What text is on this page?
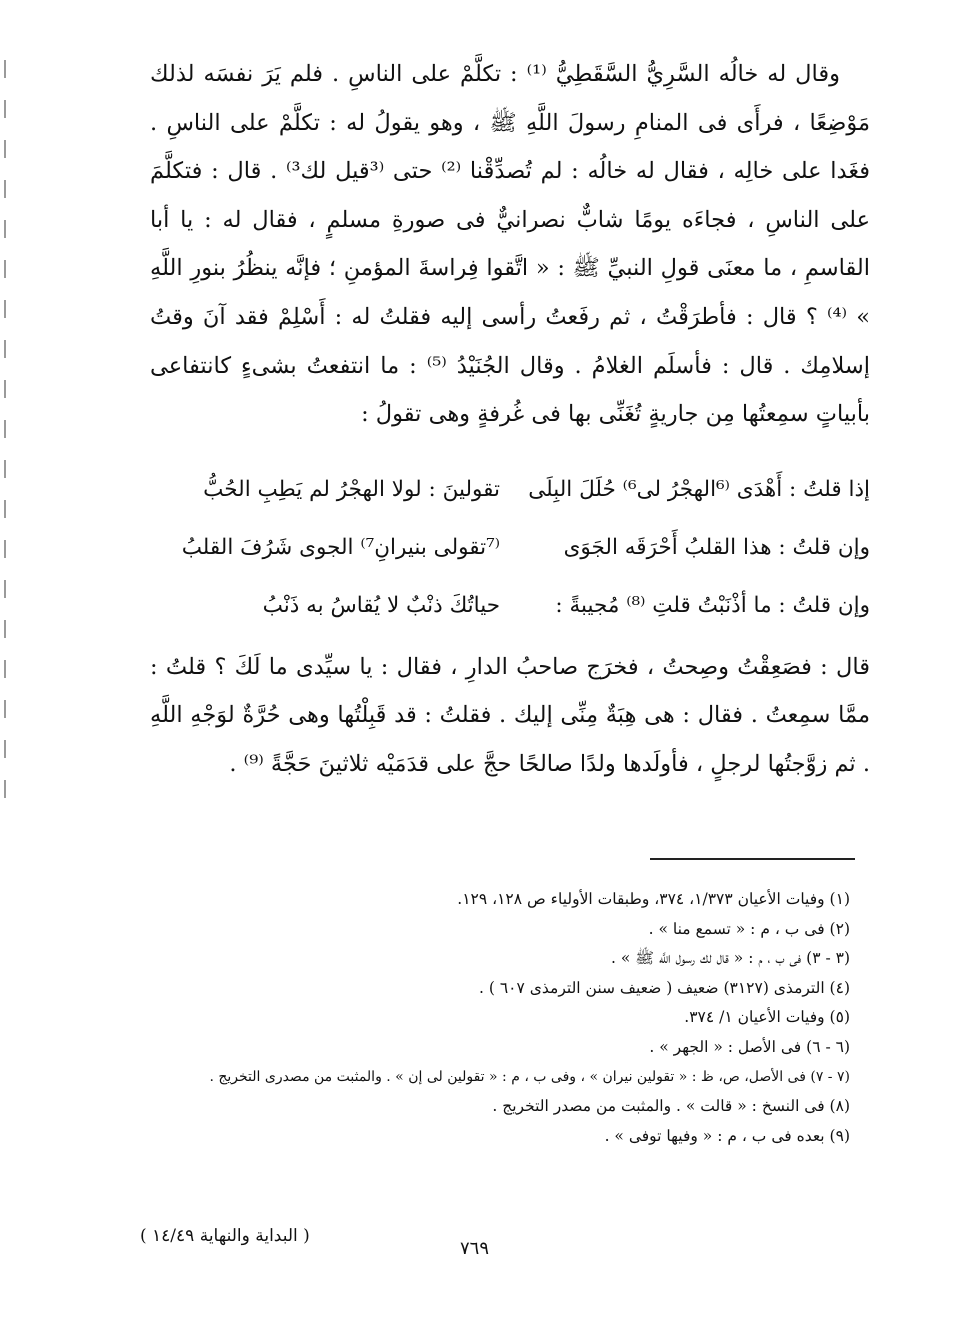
وقال له خالُه السَّرِيُّ السَّقَطِيُّ ⁽¹⁾ : تكلَّمْ على الناسِ . فلم يَرَ نفسَه لذلك مَوْضِعًا ، فرأَى فى المنامِ رسولَ اللَّهِ ﷺ ، وهو يقولُ له : تكلَّمْ على الناسِ . فغَدا على خالِه ، فقال له خالُه : لم تُصدِّقْنا ⁽²⁾ حتى ⁽³قيل لك³⁾ . قال : فتكلَّمَ على الناسِ ، فجاءَه يومًا شابٌّ نصرانيٌّ فى صورةِ مسلمٍ ، فقال له : يا أبا القاسمِ ، ما معنَى قولِ النبيِّ ﷺ : « اتَّقوا فِراسةَ المؤمنِ ؛ فإنَّه ينظُرُ بنورِ اللَّهِ » ⁽⁴⁾ ؟ قال : فأطرَقْتُ ، ثم رفَعتُ رأسى إليه فقلتُ له : أَسْلِمْ فقد آنَ وقتُ إسلامِك . قال : فأسلَم الغلامُ . وقال الجُنَيْدُ ⁽⁵⁾ : ما انتفعتُ بشىءٍ كانتفاعى بأبياتٍ سمِعتُها مِن جاريةٍ تُغَنِّى بها فى غُرفةٍ وهى تقولُ :

إذا قلتُ : أَهْدَى ⁽⁶الهجْرُ لى⁶⁾ حُلَلَ البِلَى
تقولينَ : لولا الهجْرُ لم يَطِبِ الحُبُّ
وإن قلتُ : هذا القلبُ أَحْرَقَه الجَوَى
⁽⁷تقولى بنيرانِ⁷⁾ الجوى شَرُفَ القلبُ
وإن قلتُ : ما أذْنَبْتُ قلتِ ⁽⁸⁾ مُجيبةً :
حياتُكَ ذنْبٌ لا يُقاسُ به ذَنْبُ

قال : فصَعِقْتُ وصِحتُ ، فخرَج صاحبُ الدارِ ، فقال : يا سيِّدى ما لَكَ ؟ قلتُ : ممَّا سمِعتُ . فقال : هى هِبَةٌ مِنِّى إليك . فقلتُ : قد قَبِلْتُها وهى حُرَّةٌ لوَجْهِ اللَّهِ . ثم زوَّجتُها لرجلٍ ، فأولَدها ولدًا صالحًا حجَّ على قدَمَيْه ثلاثينَ حَجَّةً ⁽⁹⁾ .

(١) وفيات الأعيان ١/٣٧٣، ٣٧٤، وطبقات الأولياء ص ١٢٨، ١٢٩.

(٢) فى ب ، م : « تسمع منا » .

(٣ - ٣) فى ب ، م : « قال لك رسول اللَّه ﷺ » .

(٤) الترمذى (٣١٢٧) ضعيف ( ضعيف سنن الترمذى ٦٠٧ ) .

(٥) وفيات الأعيان ١/ ٣٧٤.

(٦ - ٦) فى الأصل : « الجهر » .

(٧ - ٧) فى الأصل، ص، ظ : « تقولين نيران » ، وفى ب ، م : « تقولين لى إن » . والمثبت من مصدرى التخريج .

(٨) فى النسخ : « قالت » . والمثبت من مصدر التخريج .

(٩) بعده فى ب ، م : « وفيها توفى » .

( البداية والنهاية ١٤/٤٩ )
٧٦٩
